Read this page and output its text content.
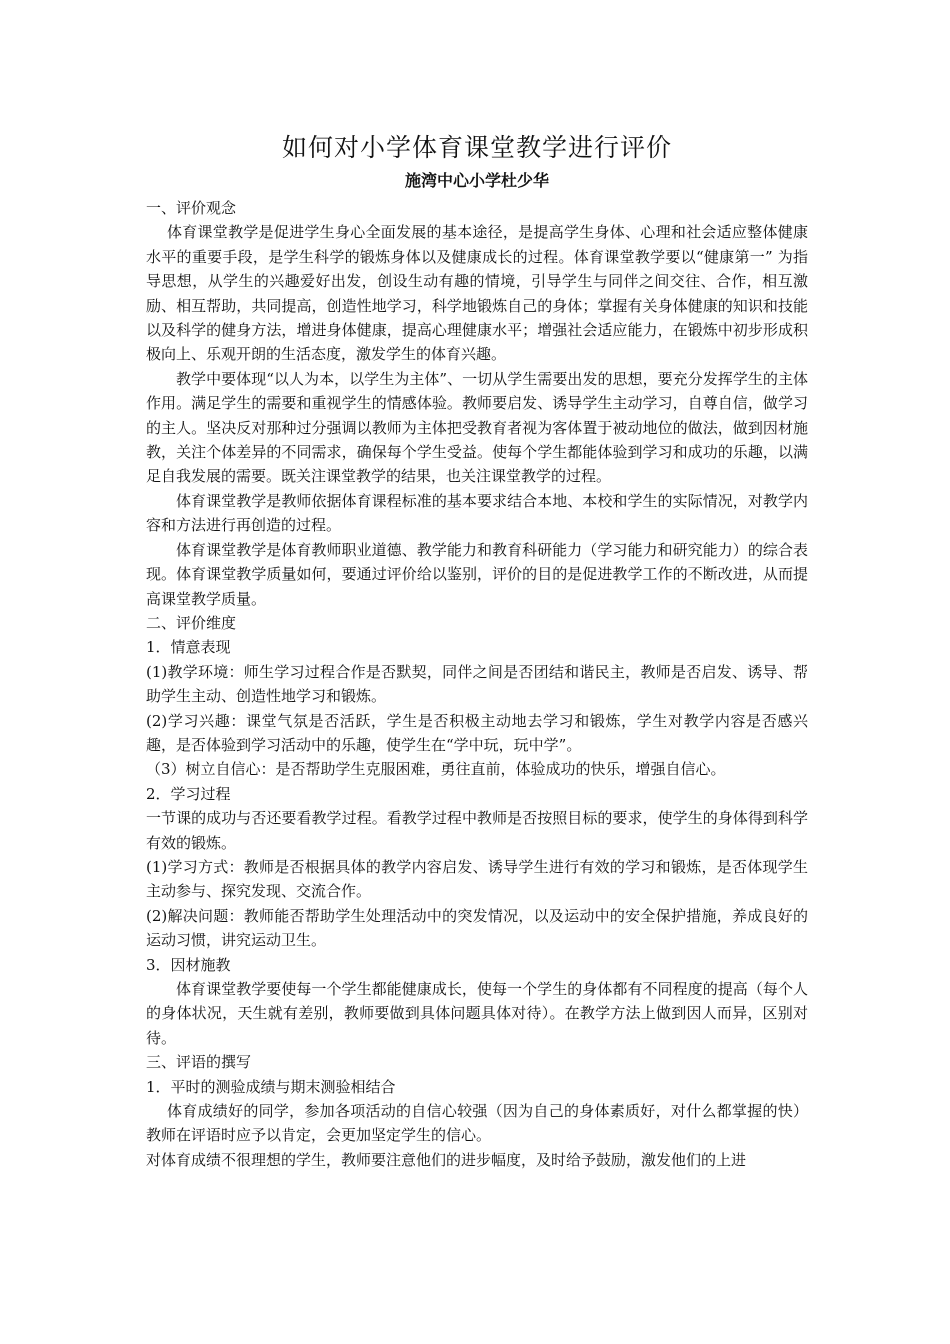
如何对小学体育课堂教学进行评价
施湾中心小学杜少华

一、评价观念

体育课堂教学是促进学生身心全面发展的基本途径，是提高学生身体、心理和社会适应整体健康水平的重要手段，是学生科学的锻炼身体以及健康成长的过程。体育课堂教学要以“健康第一” 为指导思想，从学生的兴趣爱好出发，创设生动有趣的情境，引导学生与同伴之间交往、合作，相互激励、相互帮助，共同提高，创造性地学习，科学地锻炼自己的身体；掌握有关身体健康的知识和技能以及科学的健身方法，增进身体健康，提高心理健康水平；增强社会适应能力，在锻炼中初步形成积极向上、乐观开朗的生活态度，激发学生的体育兴趣。

教学中要体现“以人为本，以学生为主体”、一切从学生需要出发的思想，要充分发挥学生的主体作用。满足学生的需要和重视学生的情感体验。教师要启发、诱导学生主动学习，自尊自信，做学习的主人。坚决反对那种过分强调以教师为主体把受教育者视为客体置于被动地位的做法，做到因材施教，关注个体差异的不同需求，确保每个学生受益。使每个学生都能体验到学习和成功的乐趣，以满足自我发展的需要。既关注课堂教学的结果，也关注课堂教学的过程。

体育课堂教学是教师依据体育课程标准的基本要求结合本地、本校和学生的实际情况，对教学内容和方法进行再创造的过程。

体育课堂教学是体育教师职业道德、教学能力和教育科研能力（学习能力和研究能力）的综合表现。体育课堂教学质量如何，要通过评价给以鉴别，评价的目的是促进教学工作的不断改进，从而提高课堂教学质量。

二、评价维度

1．情意表现

(1)教学环境：师生学习过程合作是否默契，同伴之间是否团结和谐民主，教师是否启发、诱导、帮助学生主动、创造性地学习和锻炼。

(2)学习兴趣：课堂气氛是否活跃，学生是否积极主动地去学习和锻炼，学生对教学内容是否感兴趣，是否体验到学习活动中的乐趣，使学生在“学中玩，玩中学”。

（3）树立自信心：是否帮助学生克服困难，勇往直前，体验成功的快乐，增强自信心。

2．学习过程

一节课的成功与否还要看教学过程。看教学过程中教师是否按照目标的要求，使学生的身体得到科学有效的锻炼。

(1)学习方式：教师是否根据具体的教学内容启发、诱导学生进行有效的学习和锻炼，是否体现学生主动参与、探究发现、交流合作。

(2)解决问题：教师能否帮助学生处理活动中的突发情况，以及运动中的安全保护措施，养成良好的运动习惯，讲究运动卫生。

3．因材施教

体育课堂教学要使每一个学生都能健康成长，使每一个学生的身体都有不同程度的提高（每个人的身体状况，天生就有差别，教师要做到具体问题具体对待）。在教学方法上做到因人而异，区别对待。

三、评语的撰写

1．平时的测验成绩与期末测验相结合

体育成绩好的同学，参加各项活动的自信心较强（因为自己的身体素质好，对什么都掌握的快）教师在评语时应予以肯定，会更加坚定学生的信心。

对体育成绩不很理想的学生，教师要注意他们的进步幅度，及时给予鼓励，激发他们的上进
